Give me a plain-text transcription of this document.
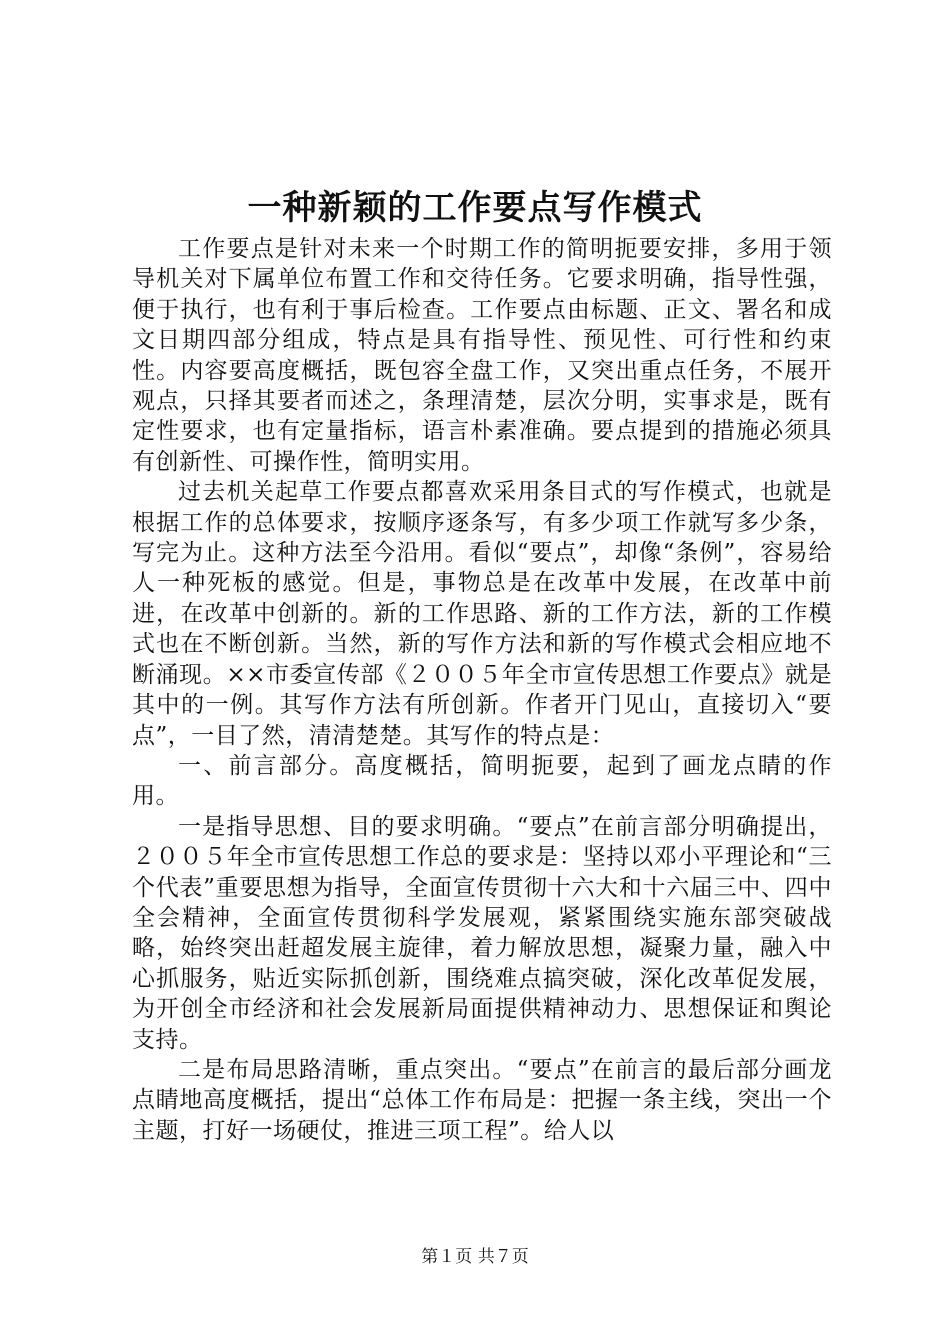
一种新颖的工作要点写作模式

工作要点是针对未来一个时期工作的简明扼要安排，多用于领导机关对下属单位布置工作和交待任务。它要求明确，指导性强，便于执行，也有利于事后检查。工作要点由标题、正文、署名和成文日期四部分组成，特点是具有指导性、预见性、可行性和约束性。内容要高度概括，既包容全盘工作，又突出重点任务，不展开观点，只择其要者而述之，条理清楚，层次分明，实事求是，既有定性要求，也有定量指标，语言朴素准确。要点提到的措施必须具有创新性、可操作性，简明实用。

过去机关起草工作要点都喜欢采用条目式的写作模式，也就是根据工作的总体要求，按顺序逐条写，有多少项工作就写多少条，写完为止。这种方法至今沿用。看似“要点”，却像“条例”，容易给人一种死板的感觉。但是，事物总是在改革中发展，在改革中前进，在改革中创新的。新的工作思路、新的工作方法，新的工作模式也在不断创新。当然，新的写作方法和新的写作模式会相应地不断涌现。××市委宣传部《２００５年全市宣传思想工作要点》就是其中的一例。其写作方法有所创新。作者开门见山，直接切入“要点”，一目了然，清清楚楚。其写作的特点是：

一、前言部分。高度概括，简明扼要，起到了画龙点睛的作用。

一是指导思想、目的要求明确。“要点”在前言部分明确提出，２００５年全市宣传思想工作总的要求是：坚持以邓小平理论和“三个代表”重要思想为指导，全面宣传贯彻十六大和十六届三中、四中全会精神，全面宣传贯彻科学发展观，紧紧围绕实施东部突破战略，始终突出赶超发展主旋律，着力解放思想，凝聚力量，融入中心抓服务，贴近实际抓创新，围绕难点搞突破，深化改革促发展，为开创全市经济和社会发展新局面提供精神动力、思想保证和舆论支持。

二是布局思路清晰，重点突出。“要点”在前言的最后部分画龙点睛地高度概括，提出“总体工作布局是：把握一条主线，突出一个主题，打好一场硬仗，推进三项工程”。给人以

第１页 共７页
